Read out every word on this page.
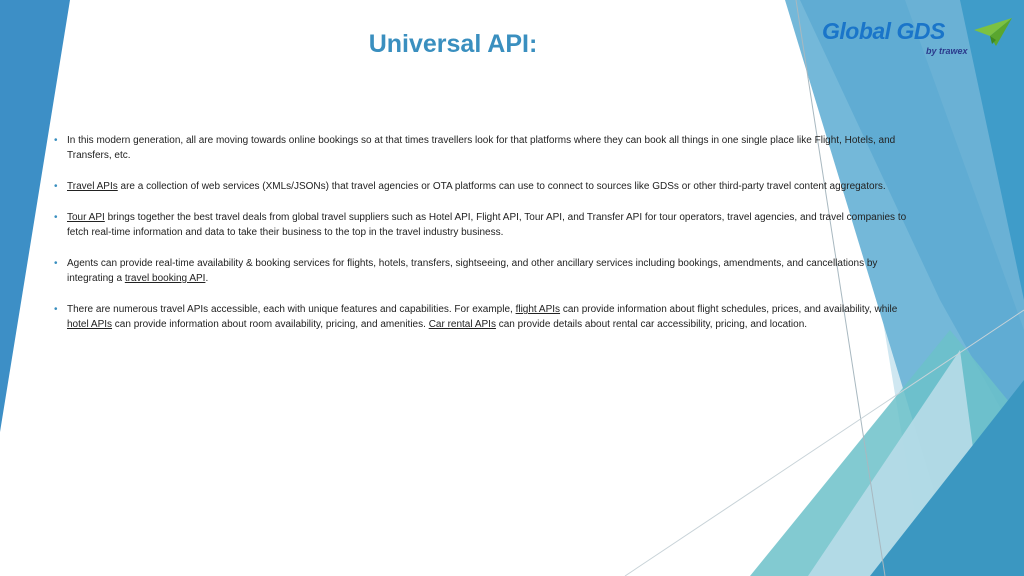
Universal API:	Global GDS
by trawex
• In this modern generation, all are moving towards online bookings so at that times travellers look for that platforms where they can book all things in one single place like Flight, Hotels, and Transfers, etc.
• Travel APIs are a collection of web services (XMLs/JSONs) that travel agencies or OTA platforms can use to connect to sources like GDSs or other third-party travel content aggregators.
• Tour API brings together the best travel deals from global travel suppliers such as Hotel API, Flight API, Tour API, and Transfer API for tour operators, travel agencies, and travel companies to fetch real-time information and data to take their business to the top in the travel industry business.
• Agents can provide real-time availability & booking services for flights, hotels, transfers, sightseeing, and other ancillary services including bookings, amendments, and cancellations by integrating a travel booking API.
• There are numerous travel APIs accessible, each with unique features and capabilities. For example, flight APIs can provide information about flight schedules, prices, and availability, while hotel APIs can provide information about room availability, pricing, and amenities. Car rental APIs can provide details about rental car accessibility, pricing, and location.
